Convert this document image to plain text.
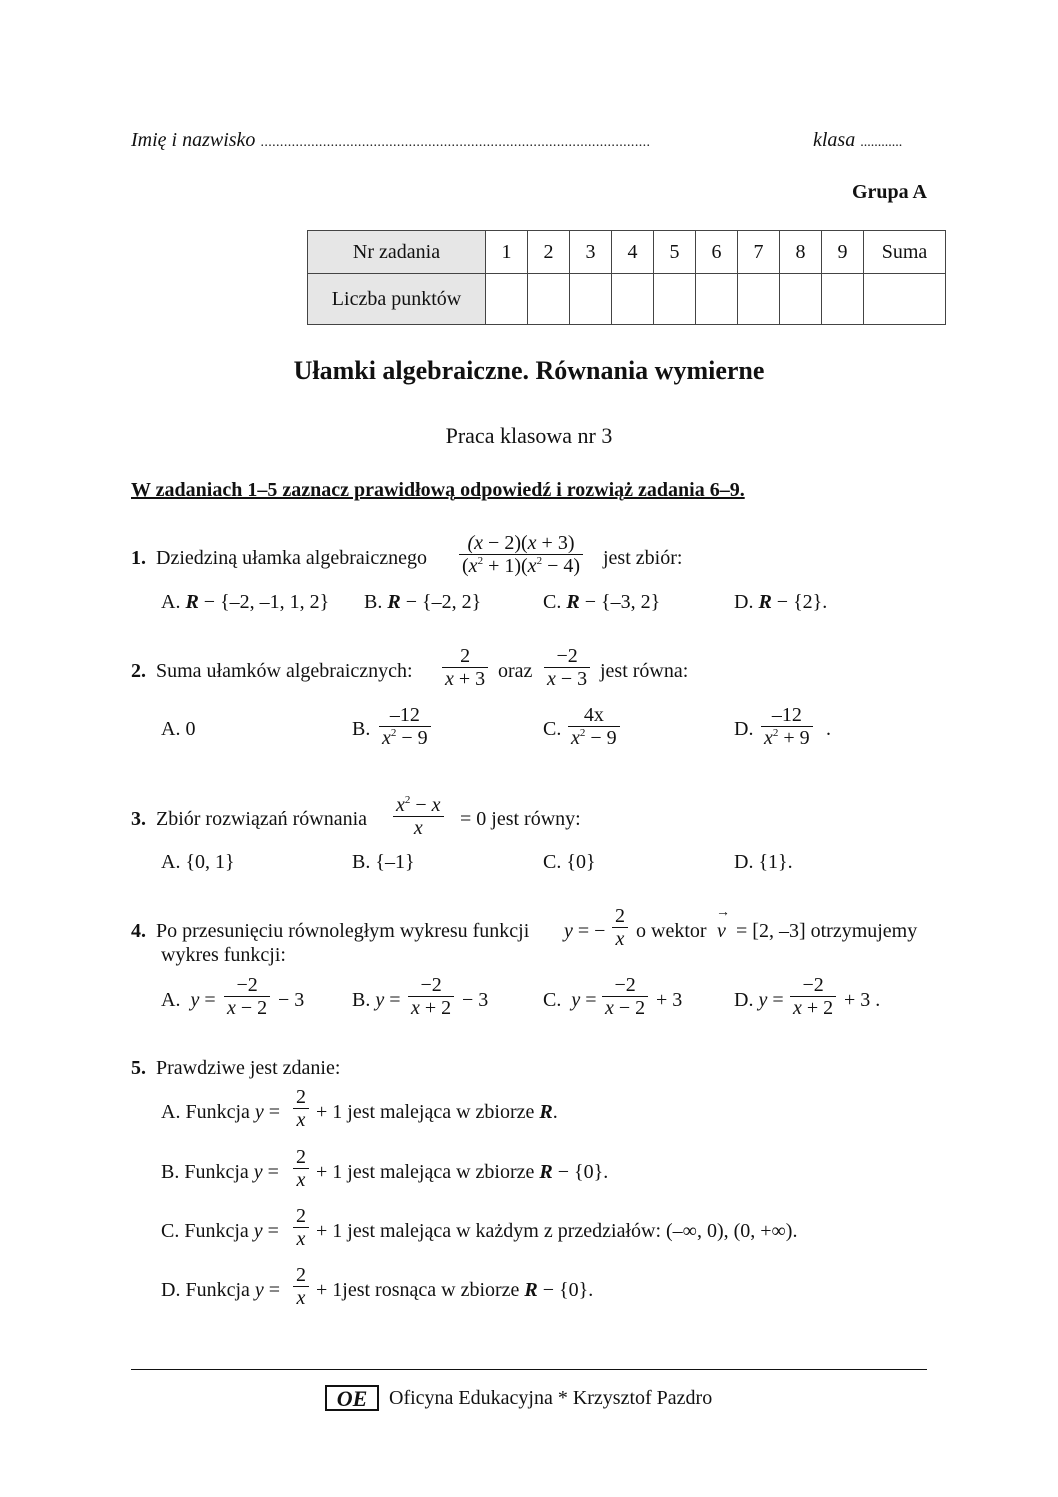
Imię i nazwisko ....................................................................................................	klasa ............
Grupa A
Nr zadania	1	2	3	4	5	6	7	8	9	Suma
Liczba punktów										
Ułamki algebraiczne. Równania wymierne
Praca klasowa nr 3
W zadaniach 1–5 zaznacz prawidłową odpowiedź i rozwiąż zadania 6–9.
1. Dziedziną ułamka algebraicznego
(x − 2)(x + 3)
$(x^2 + 1)(x^2 - 4)$ jest zbiór:
A. R − {–2, –1, 1, 2} B. R − {–2, 2}	C. R − {–3, 2}	D. R − {2}.
2. Suma ułamków algebraicznych:
2
x + 3 oraz
−2
x − 3 jest równa:
A. 0	B.
–12
$x^2 - 9$	C.
4x
$x^2 - 9$	D.
–12
$x^2 + 9$ .
3. Zbiór rozwiązań równania
$x^2 - x$
x	= 0 jest równy:
A. {0, 1}	B. {–1}	C. {0}	D. {1}.
4. Po przesunięciu równoległym wykresu funkcji y = −
2
x o wektor → v = [2, –3] otrzymujemy
wykres funkcji:
A.  y =
−2
x − 2 − 3 B. y =
−2
x + 2 − 3	C.  y =
−2
x − 2 + 3	D. y =
−2
x + 2 + 3 .
5. Prawdziwe jest zdanie:
A. Funkcja y =
2
x + 1 jest malejąca w zbiorze R.
B. Funkcja y =
2
x + 1 jest malejąca w zbiorze R − {0}.
C. Funkcja y =
2
x + 1 jest malejąca w każdym z przedziałów: (–∞, 0), (0, +∞).
D. Funkcja y =
2
x + 1jest rosnąca w zbiorze R − {0}.
OE Oficyna Edukacyjna * Krzysztof Pazdro
